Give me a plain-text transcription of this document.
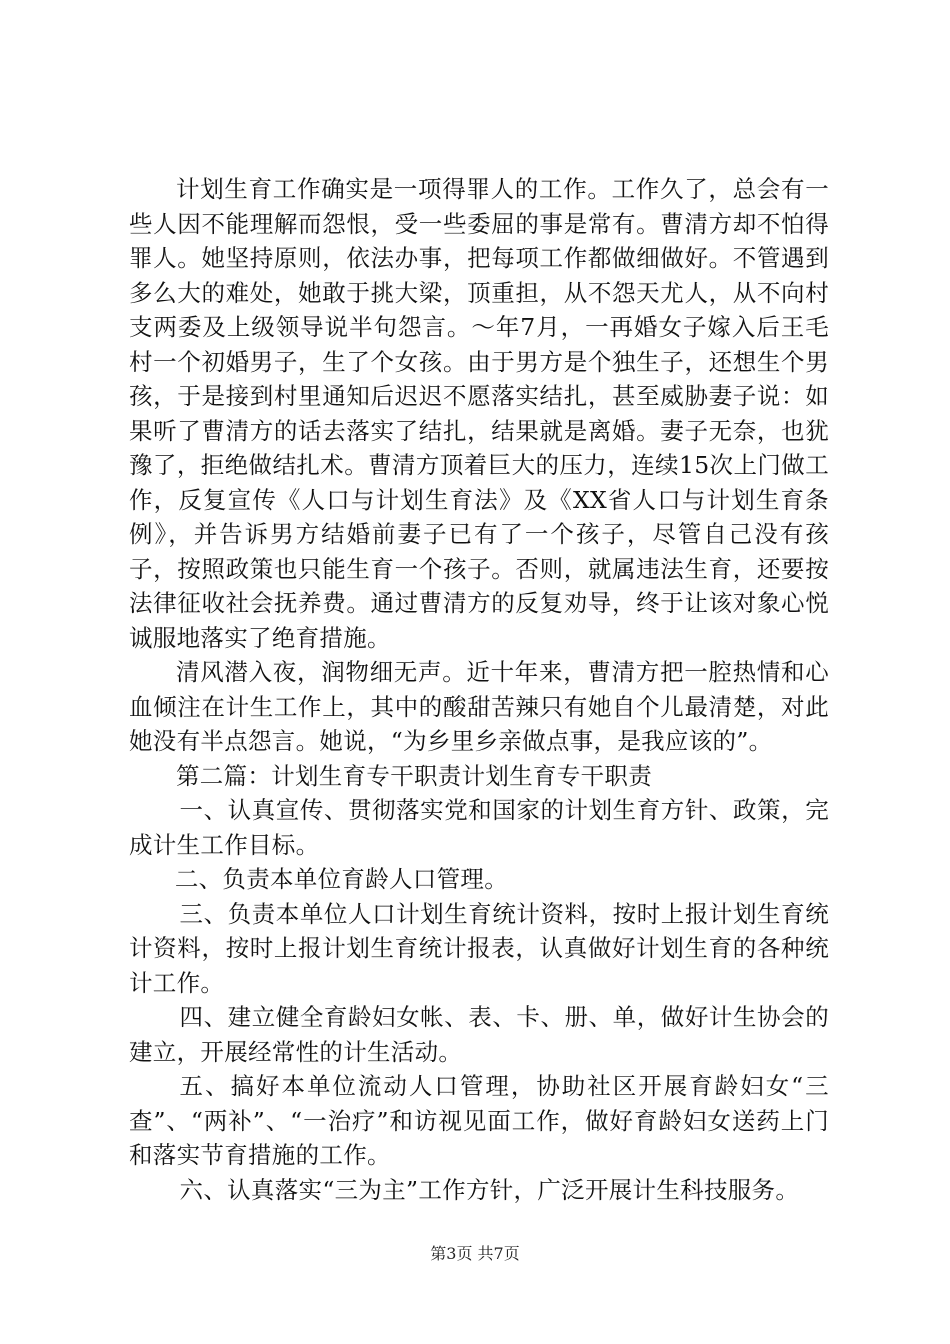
计划生育工作确实是一项得罪人的工作。工作久了，总会有一些人因不能理解而怨恨，受一些委屈的事是常有。曹清方却不怕得罪人。她坚持原则，依法办事，把每项工作都做细做好。不管遇到多么大的难处，她敢于挑大梁，顶重担，从不怨天尤人，从不向村支两委及上级领导说半句怨言。～年7月，一再婚女子嫁入后王毛村一个初婚男子，生了个女孩。由于男方是个独生子，还想生个男孩，于是接到村里通知后迟迟不愿落实结扎，甚至威胁妻子说：如果听了曹清方的话去落实了结扎，结果就是离婚。妻子无奈，也犹豫了，拒绝做结扎术。曹清方顶着巨大的压力，连续15次上门做工作，反复宣传《人口与计划生育法》及《XX省人口与计划生育条例》，并告诉男方结婚前妻子已有了一个孩子，尽管自己没有孩子，按照政策也只能生育一个孩子。否则，就属违法生育，还要按法律征收社会抚养费。通过曹清方的反复劝导，终于让该对象心悦诚服地落实了绝育措施。

清风潜入夜，润物细无声。近十年来，曹清方把一腔热情和心血倾注在计生工作上，其中的酸甜苦辣只有她自个儿最清楚，对此她没有半点怨言。她说，“为乡里乡亲做点事，是我应该的”。

第二篇：计划生育专干职责计划生育专干职责

一、认真宣传、贯彻落实党和国家的计划生育方针、政策，完成计生工作目标。

二、负责本单位育龄人口管理。

三、负责本单位人口计划生育统计资料，按时上报计划生育统计资料，按时上报计划生育统计报表，认真做好计划生育的各种统计工作。

四、建立健全育龄妇女帐、表、卡、册、单，做好计生协会的建立，开展经常性的计生活动。

五、搞好本单位流动人口管理，协助社区开展育龄妇女“三查”、“两补”、“一治疗”和访视见面工作，做好育龄妇女送药上门和落实节育措施的工作。

六、认真落实“三为主”工作方针，广泛开展计生科技服务。

第3页 共7页
